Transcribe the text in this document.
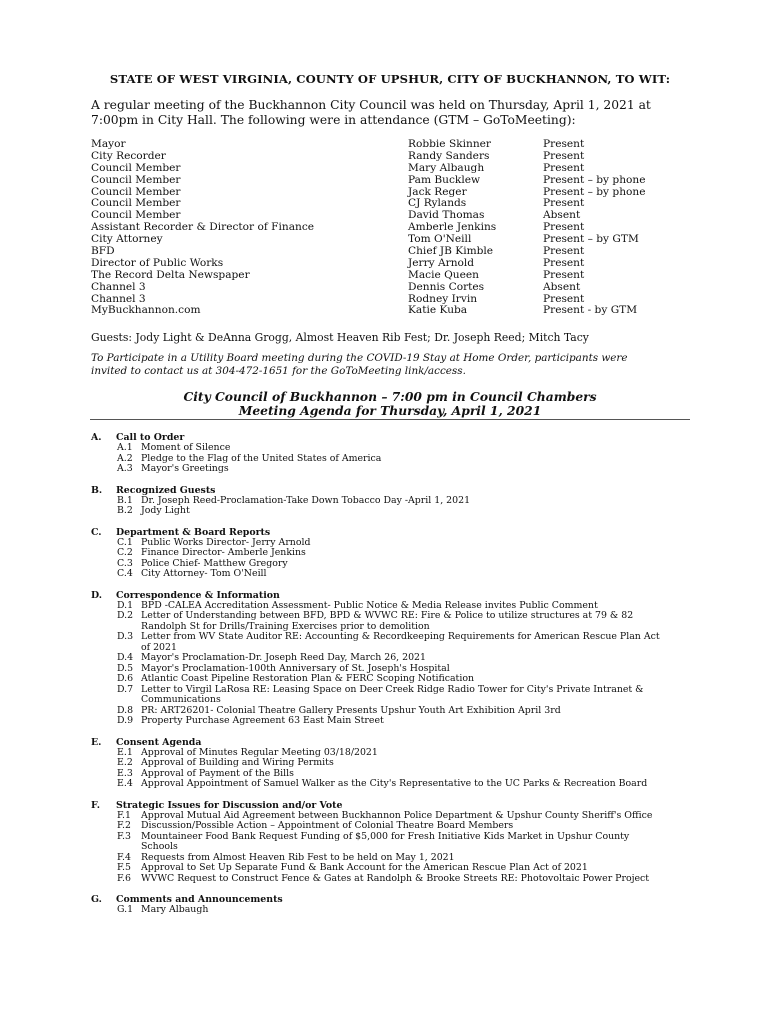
STATE OF WEST VIRGINIA, COUNTY OF UPSHUR, CITY OF BUCKHANNON, TO WIT:
A regular meeting of the Buckhannon City Council was held on Thursday, April 1, 2021 at 7:00pm in City Hall. The following were in attendance (GTM – GoToMeeting):
Mayor	Robbie Skinner	Present
City Recorder	Randy Sanders	Present
Council Member	Mary Albaugh	Present
Council Member	Pam Bucklew	Present – by phone
Council Member	Jack Reger	Present – by phone
Council Member	CJ Rylands	Present
Council Member	David Thomas	Absent
Assistant Recorder & Director of Finance	Amberle Jenkins	Present
City Attorney	Tom O'Neill	Present – by GTM
BFD	Chief JB Kimble	Present
Director of Public Works	Jerry Arnold	Present
The Record Delta Newspaper	Macie Queen	Present
Channel 3	Dennis Cortes	Absent
Channel 3	Rodney Irvin	Present
MyBuckhannon.com	Katie Kuba	Present - by GTM
Guests: Jody Light & DeAnna Grogg, Almost Heaven Rib Fest; Dr. Joseph Reed; Mitch Tacy
To Participate in a Utility Board meeting during the COVID-19 Stay at Home Order, participants were invited to contact us at 304-472-1651 for the GoToMeeting link/access.
City Council of Buckhannon – 7:00 pm in Council Chambers
Meeting Agenda for Thursday, April 1, 2021
A. Call to Order
A.1 Moment of Silence
A.2 Pledge to the Flag of the United States of America
A.3 Mayor's Greetings
B. Recognized Guests
B.1 Dr. Joseph Reed-Proclamation-Take Down Tobacco Day -April 1, 2021
B.2 Jody Light
C. Department & Board Reports
C.1 Public Works Director- Jerry Arnold
C.2 Finance Director- Amberle Jenkins
C.3 Police Chief- Matthew Gregory
C.4 City Attorney- Tom O'Neill
D. Correspondence & Information
D.1 BPD -CALEA Accreditation Assessment- Public Notice & Media Release invites Public Comment
D.2 Letter of Understanding between BFD, BPD & WVWC RE: Fire & Police to utilize structures at 79 & 82 Randolph St for Drills/Training Exercises prior to demolition
D.3 Letter from WV State Auditor RE: Accounting & Recordkeeping Requirements for American Rescue Plan Act of 2021
D.4 Mayor's Proclamation-Dr. Joseph Reed Day, March 26, 2021
D.5 Mayor's Proclamation-100th Anniversary of St. Joseph's Hospital
D.6 Atlantic Coast Pipeline Restoration Plan & FERC Scoping Notification
D.7 Letter to Virgil LaRosa RE: Leasing Space on Deer Creek Ridge Radio Tower for City's Private Intranet & Communications
D.8 PR: ART26201- Colonial Theatre Gallery Presents Upshur Youth Art Exhibition April 3rd
D.9 Property Purchase Agreement 63 East Main Street
E. Consent Agenda
E.1 Approval of Minutes Regular Meeting 03/18/2021
E.2 Approval of Building and Wiring Permits
E.3 Approval of Payment of the Bills
E.4 Approval Appointment of Samuel Walker as the City's Representative to the UC Parks & Recreation Board
F. Strategic Issues for Discussion and/or Vote
F.1 Approval Mutual Aid Agreement between Buckhannon Police Department & Upshur County Sheriff's Office
F.2 Discussion/Possible Action – Appointment of Colonial Theatre Board Members
F.3 Mountaineer Food Bank Request Funding of $5,000 for Fresh Initiative Kids Market in Upshur County Schools
F.4 Requests from Almost Heaven Rib Fest to be held on May 1, 2021
F.5 Approval to Set Up Separate Fund & Bank Account for the American Rescue Plan Act of 2021
F.6 WVWC Request to Construct Fence & Gates at Randolph & Brooke Streets RE: Photovoltaic Power Project
G. Comments and Announcements
G.1 Mary Albaugh
